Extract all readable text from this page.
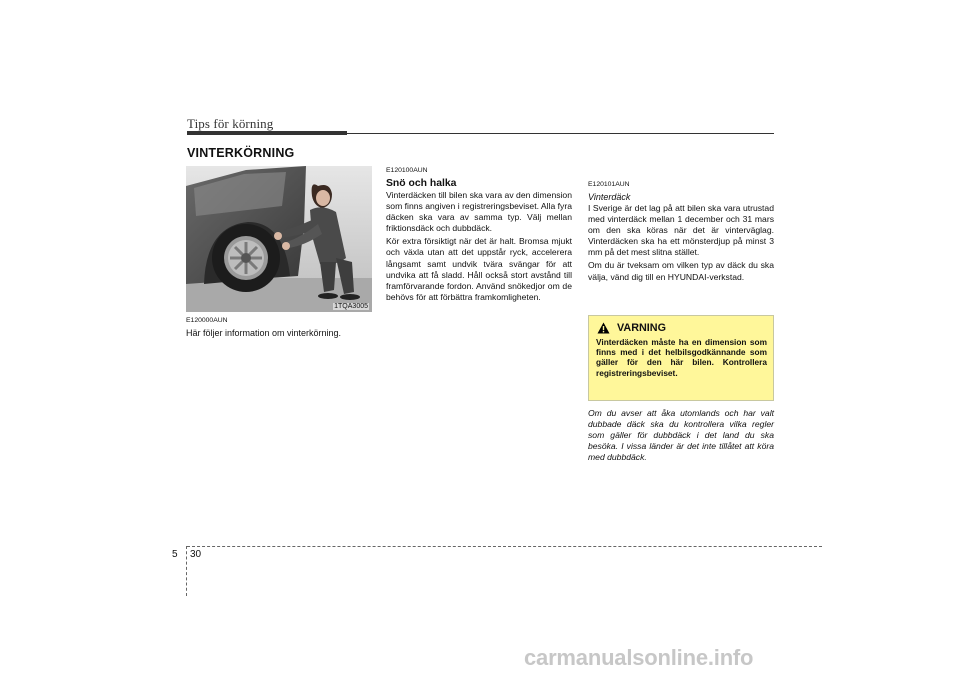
Tips för körning
VINTERKÖRNING
1TQA3005

E120000AUN

Här följer information om vinterkörning.

E120100AUN

Snö och halka

Vinterdäcken till bilen ska vara av den dimension som finns angiven i registreringsbeviset. Alla fyra däcken ska vara av samma typ. Välj mellan friktionsdäck och dubbdäck.

Kör extra försiktigt när det är halt. Bromsa mjukt och växla utan att det uppstår ryck, accelerera långsamt samt undvik tvära svängar för att undvika att få sladd. Håll också stort avstånd till framförvarande fordon. Använd snökedjor om de behövs för att förbättra framkomligheten.

E120101AUN

Vinterdäck

I Sverige är det lag på att bilen ska vara utrustad med vinterdäck mellan 1 december och 31 mars om den ska köras när det är vinterväglag. Vinterdäcken ska ha ett mönsterdjup på minst 3 mm på det mest slitna stället.

Om du är tveksam om vilken typ av däck du ska välja, vänd dig till en HYUNDAI-verkstad.

VARNING
Vinterdäcken måste ha en dimension som finns med i det helbilsgodkännande som gäller för den här bilen. Kontrollera registreringsbeviset.

Om du avser att åka utomlands och har valt dubbade däck ska du kontrollera vilka regler som gäller för dubbdäck i det land du ska besöka. I vissa länder är det inte tillåtet att köra med dubbdäck.

5 30
carmanualsonline.info
